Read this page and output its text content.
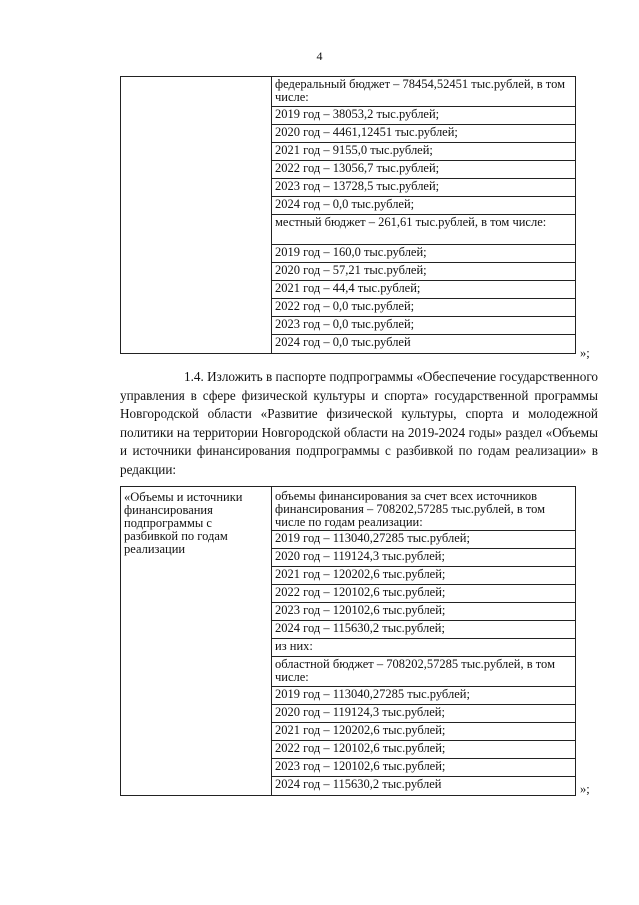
4

федеральный бюджет – 78454,52451 тыс.рублей, в том числе:
2019 год – 38053,2 тыс.рублей;
2020 год – 4461,12451 тыс.рублей;
2021 год – 9155,0 тыс.рублей;
2022 год – 13056,7 тыс.рублей;
2023 год – 13728,5 тыс.рублей;
2024 год – 0,0 тыс.рублей;
местный бюджет – 261,61 тыс.рублей, в том числе:
2019 год – 160,0 тыс.рублей;
2020 год – 57,21 тыс.рублей;
2021 год – 44,4 тыс.рублей;
2022 год – 0,0 тыс.рублей;
2023 год – 0,0 тыс.рублей;
2024 год – 0,0 тыс.рублей
»;

1.4. Изложить в паспорте подпрограммы «Обеспечение государственного управления в сфере физической культуры и спорта» государственной программы Новгородской области «Развитие физической культуры, спорта и молодежной политики на территории Новгородской области на 2019-2024 годы» раздел «Объемы и источники финансирования подпрограммы с разбивкой по годам реализации» в редакции:

«Объемы и источники финансирования подпрограммы с разбивкой по годам реализации

объемы финансирования за счет всех источников финансирования – 708202,57285 тыс.рублей, в том числе по годам реализации:
2019 год – 113040,27285 тыс.рублей;
2020 год – 119124,3 тыс.рублей;
2021 год – 120202,6 тыс.рублей;
2022 год – 120102,6 тыс.рублей;
2023 год – 120102,6 тыс.рублей;
2024 год – 115630,2 тыс.рублей;
из них:
областной бюджет – 708202,57285 тыс.рублей, в том числе:
2019 год – 113040,27285 тыс.рублей;
2020 год – 119124,3 тыс.рублей;
2021 год – 120202,6 тыс.рублей;
2022 год – 120102,6 тыс.рублей;
2023 год – 120102,6 тыс.рублей;
2024 год – 115630,2 тыс.рублей	»;
